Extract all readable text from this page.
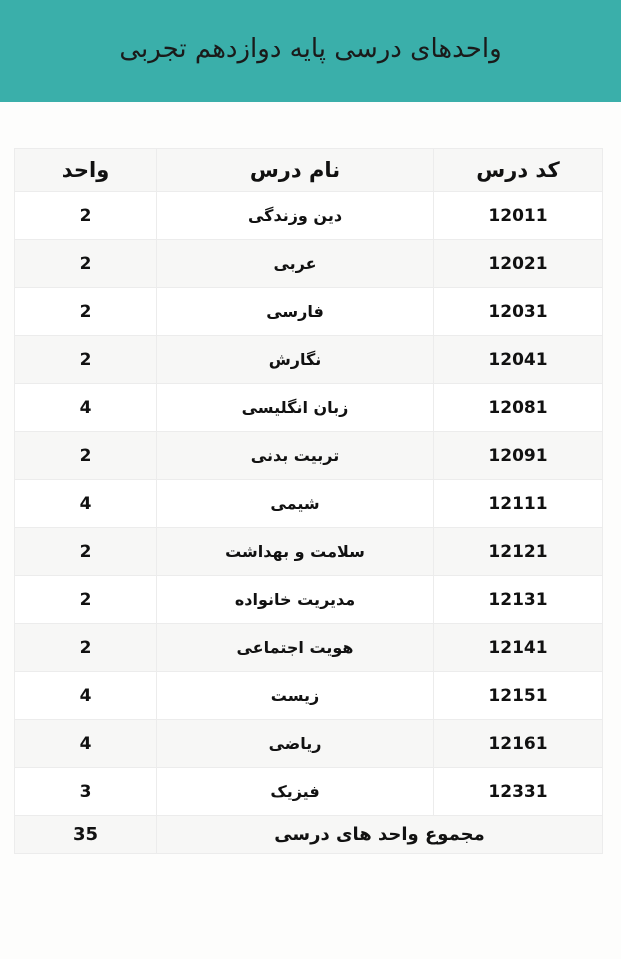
واحدهای درسی پایه دوازدهم تجربی
کد درس	نام درس	واحد
12011	دین وزندگی	2
12021	عربی	2
12031	فارسی	2
12041	نگارش	2
12081	زبان انگلیسی	4
12091	تربیت بدنی	2
12111	شیمی	4
12121	سلامت و بهداشت	2
12131	مدیریت خانواده	2
12141	هویت اجتماعی	2
12151	زیست	4
12161	ریاضی	4
12331	فیزیک	3
مجموع واحد های درسی		35
